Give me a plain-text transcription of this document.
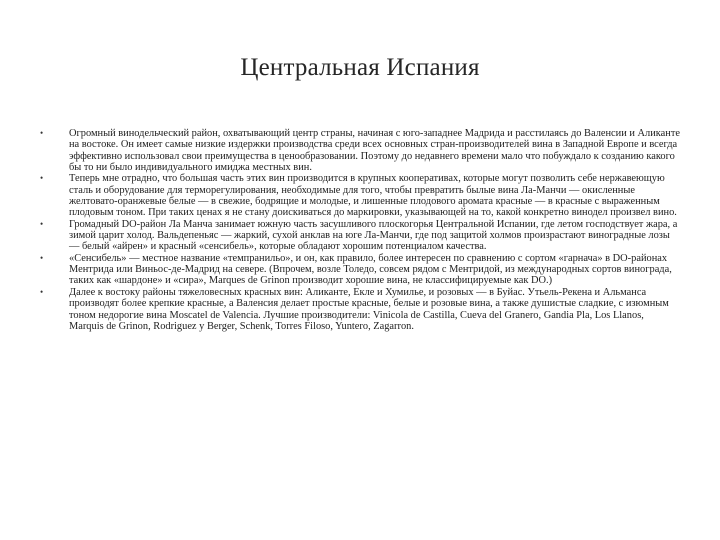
Центральная Испания
• Огромный винодельческий район, охватывающий центр страны, начиная с юго-западнее Мадрида и расстилаясь до Валенсии и Аликанте на востоке. Он имеет самые низкие издержки производства среди всех основных стран-производителей вина в Западной Европе и всегда эффективно использовал свои преимущества в ценообразовании. Поэтому до недавнего времени мало что побуждало к созданию какого бы то ни было индивидуального имиджа местных вин.
• Теперь мне отрадно, что большая часть этих вин производится в крупных кооперативах, которые могут позволить себе нержавеющую сталь и оборудование для терморегулирования, необходимые для того, чтобы превратить былые вина Ла-Манчи — окисленные желтовато-оранжевые белые — в свежие, бодрящие и молодые, и лишенные плодового аромата красные — в красные с выраженным плодовым тоном. При таких ценах я не стану доискиваться до маркировки, указывающей на то, какой конкретно винодел произвел вино.
• Громадный DO-район Ла Манча занимает южную часть засушливого плоскогорья Центральной Испании, где летом господствует жара, а зимой царит холод. Вальдепеньяс — жаркий, сухой анклав на юге Ла-Манчи, где под защитой холмов произрастают виноградные лозы — белый «айрен» и красный «сенсибель», которые обладают хорошим потенциалом качества.
• «Сенсибель» — местное название «темпранильо», и он, как правило, более интересен по сравнению с сортом «гарнача» в DO-районах Ментрида или Виньос-де-Мадрид на севере. (Впрочем, возле Толедо, совсем рядом с Ментридой, из международных сортов винограда, таких как «шардоне» и «сира», Marques de Grinon производит хорошие вина, не классифицируемые как DO.)
• Далее к востоку районы тяжеловесных красных вин: Аликанте, Екле и Хумилье, и розовых — в Буйас. Утьель-Рекена и Альманса производят более крепкие красные, а Валенсия делает простые красные, белые и розовые вина, а также душистые сладкие, с изюмным тоном недорогие вина Moscatel de Valencia. Лучшие производители: Vinicola de Castilla, Cueva del Granero, Gandia Pla, Los Llanos, Marquis de Grinon, Rodriguez y Berger, Schenk, Torres Filoso, Yuntero, Zagarron.
